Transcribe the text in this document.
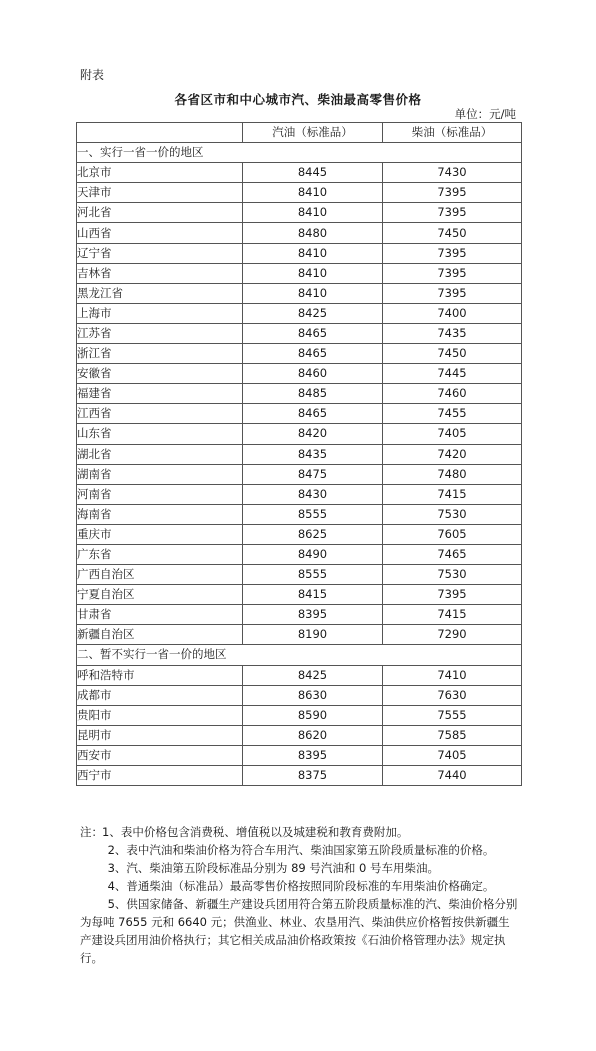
附表
各省区市和中心城市汽、柴油最高零售价格
单位：元/吨
	汽油（标准品）	柴油（标准品）
一、实行一省一价的地区		
北京市	8445	7430
天津市	8410	7395
河北省	8410	7395
山西省	8480	7450
辽宁省	8410	7395
吉林省	8410	7395
黑龙江省	8410	7395
上海市	8425	7400
江苏省	8465	7435
浙江省	8465	7450
安徽省	8460	7445
福建省	8485	7460
江西省	8465	7455
山东省	8420	7405
湖北省	8435	7420
湖南省	8475	7480
河南省	8430	7415
海南省	8555	7530
重庆市	8625	7605
广东省	8490	7465
广西自治区	8555	7530
宁夏自治区	8415	7395
甘肃省	8395	7415
新疆自治区	8190	7290
二、暂不实行一省一价的地区		
呼和浩特市	8425	7410
成都市	8630	7630
贵阳市	8590	7555
昆明市	8620	7585
西安市	8395	7405
西宁市	8375	7440

注： 1、表中价格包含消费税、增值税以及城建税和教育费附加。

2、表中汽油和柴油价格为符合车用汽、柴油国家第五阶段质量标准的价格。

3、汽、柴油第五阶段标准品分别为 89 号汽油和 0 号车用柴油。

4、普通柴油（标准品）最高零售价格按照同阶段标准的车用柴油价格确定。

5、供国家储备、新疆生产建设兵团用符合第五阶段质量标准的汽、柴油价格分别为每吨 7655 元和 6640 元；供渔业、林业、农垦用汽、柴油供应价格暂按供新疆生产建设兵团用油价格执行；其它相关成品油价格政策按《石油价格管理办法》规定执行。
